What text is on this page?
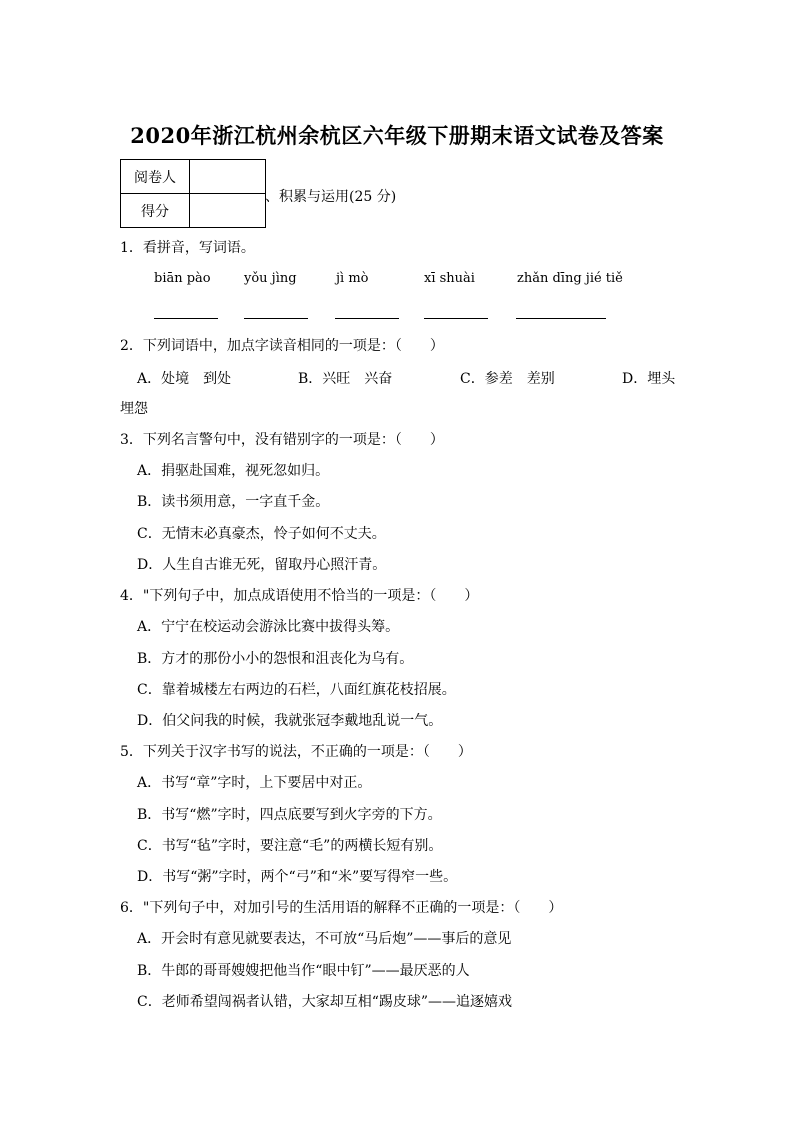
2020年浙江杭州余杭区六年级下册期末语文试卷及答案
阅卷人	
得分	
、积累与运用(25 分)
1．看拼音，写词语。
biān pào	yǒu jìng	jì mò	xī shuài	zhǎn dīng jié tiě
2．下列词语中，加点字读音相同的一项是：（　　）
A．处境　到处	B．兴旺　兴奋	C．参差　差别	D．埋头
埋怨
3．下列名言警句中，没有错别字的一项是：（　　）
A．捐驱赴国难，视死忽如归。
B．读书须用意，一字直千金。
C．无情末必真豪杰，怜子如何不丈夫。
D．人生自古谁无死，留取丹心照汗青。
4．"下列句子中，加点成语使用不恰当的一项是：（　　）
A．宁宁在校运动会游泳比赛中拔得头筹。
B．方才的那份小小的怨恨和沮丧化为乌有。
C．靠着城楼左右两边的石栏，八面红旗花枝招展。
D．伯父问我的时候，我就张冠李戴地乱说一气。
5．下列关于汉字书写的说法，不正确的一项是：（　　）
A．书写“章”字时，上下要居中对正。
B．书写“燃”字时，四点底要写到火字旁的下方。
C．书写“毡”字时，要注意“毛”的两横长短有别。
D．书写“粥”字时，两个“弓”和“米”要写得窄一些。
6．"下列句子中，对加引号的生活用语的解释不正确的一项是：（　　）
A．开会时有意见就要表达，不可放“马后炮”——事后的意见
B．牛郎的哥哥嫂嫂把他当作“眼中钉”——最厌恶的人
C．老师希望闯祸者认错，大家却互相“踢皮球”——追逐嬉戏
